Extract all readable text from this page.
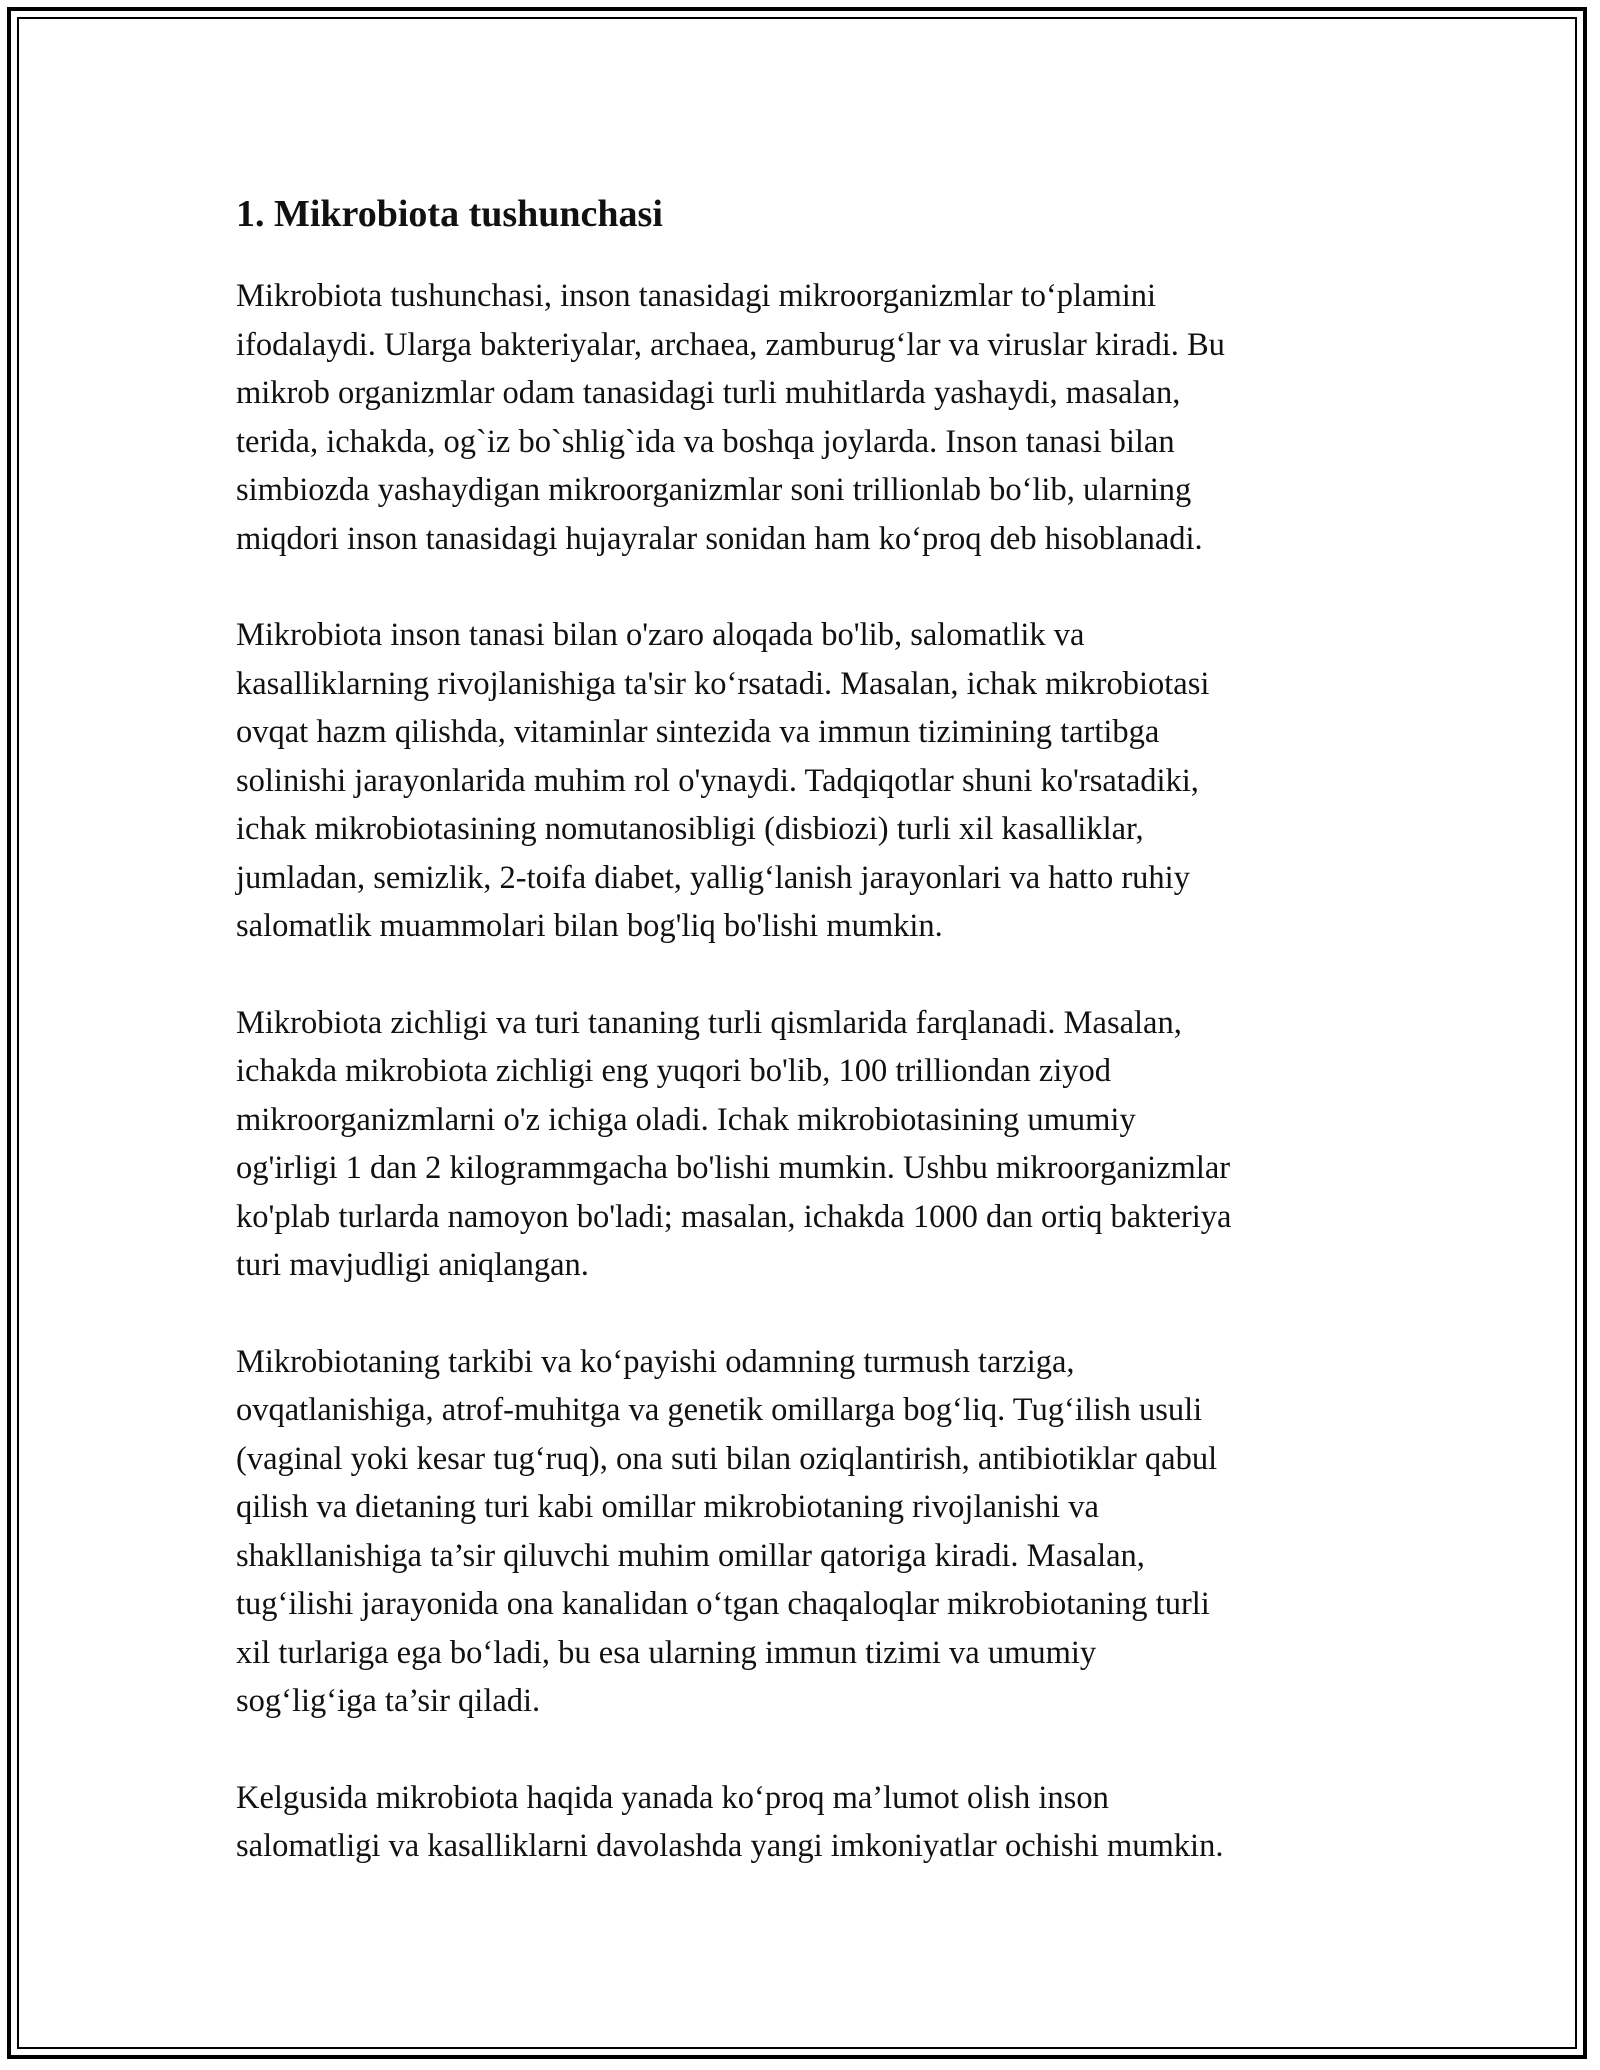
1. Mikrobiota tushunchasi

Mikrobiota tushunchasi, inson tanasidagi mikroorganizmlar to‘plamini
ifodalaydi. Ularga bakteriyalar, archaea, zamburug‘lar va viruslar kiradi. Bu
mikrob organizmlar odam tanasidagi turli muhitlarda yashaydi, masalan,
terida, ichakda, og`iz bo`shlig`ida va boshqa joylarda. Inson tanasi bilan
simbiozda yashaydigan mikroorganizmlar soni trillionlab bo‘lib, ularning
miqdori inson tanasidagi hujayralar sonidan ham ko‘proq deb hisoblanadi.

Mikrobiota inson tanasi bilan o'zaro aloqada bo'lib, salomatlik va
kasalliklarning rivojlanishiga ta'sir ko‘rsatadi. Masalan, ichak mikrobiotasi
ovqat hazm qilishda, vitaminlar sintezida va immun tizimining tartibga
solinishi jarayonlarida muhim rol o'ynaydi. Tadqiqotlar shuni ko'rsatadiki,
ichak mikrobiotasining nomutanosibligi (disbiozi) turli xil kasalliklar,
jumladan, semizlik, 2-toifa diabet, yallig‘lanish jarayonlari va hatto ruhiy
salomatlik muammolari bilan bog'liq bo'lishi mumkin.

Mikrobiota zichligi va turi tananing turli qismlarida farqlanadi. Masalan,
ichakda mikrobiota zichligi eng yuqori bo'lib, 100 trilliondan ziyod
mikroorganizmlarni o'z ichiga oladi. Ichak mikrobiotasining umumiy
og'irligi 1 dan 2 kilogrammgacha bo'lishi mumkin. Ushbu mikroorganizmlar
ko'plab turlarda namoyon bo'ladi; masalan, ichakda 1000 dan ortiq bakteriya
turi mavjudligi aniqlangan.

Mikrobiotaning tarkibi va ko‘payishi odamning turmush tarziga,
ovqatlanishiga, atrof-muhitga va genetik omillarga bog‘liq. Tug‘ilish usuli
(vaginal yoki kesar tug‘ruq), ona suti bilan oziqlantirish, antibiotiklar qabul
qilish va dietaning turi kabi omillar mikrobiotaning rivojlanishi va
shakllanishiga ta’sir qiluvchi muhim omillar qatoriga kiradi. Masalan,
tug‘ilishi jarayonida ona kanalidan o‘tgan chaqaloqlar mikrobiotaning turli
xil turlariga ega bo‘ladi, bu esa ularning immun tizimi va umumiy
sog‘lig‘iga ta’sir qiladi.

Kelgusida mikrobiota haqida yanada ko‘proq ma’lumot olish inson
salomatligi va kasalliklarni davolashda yangi imkoniyatlar ochishi mumkin.
